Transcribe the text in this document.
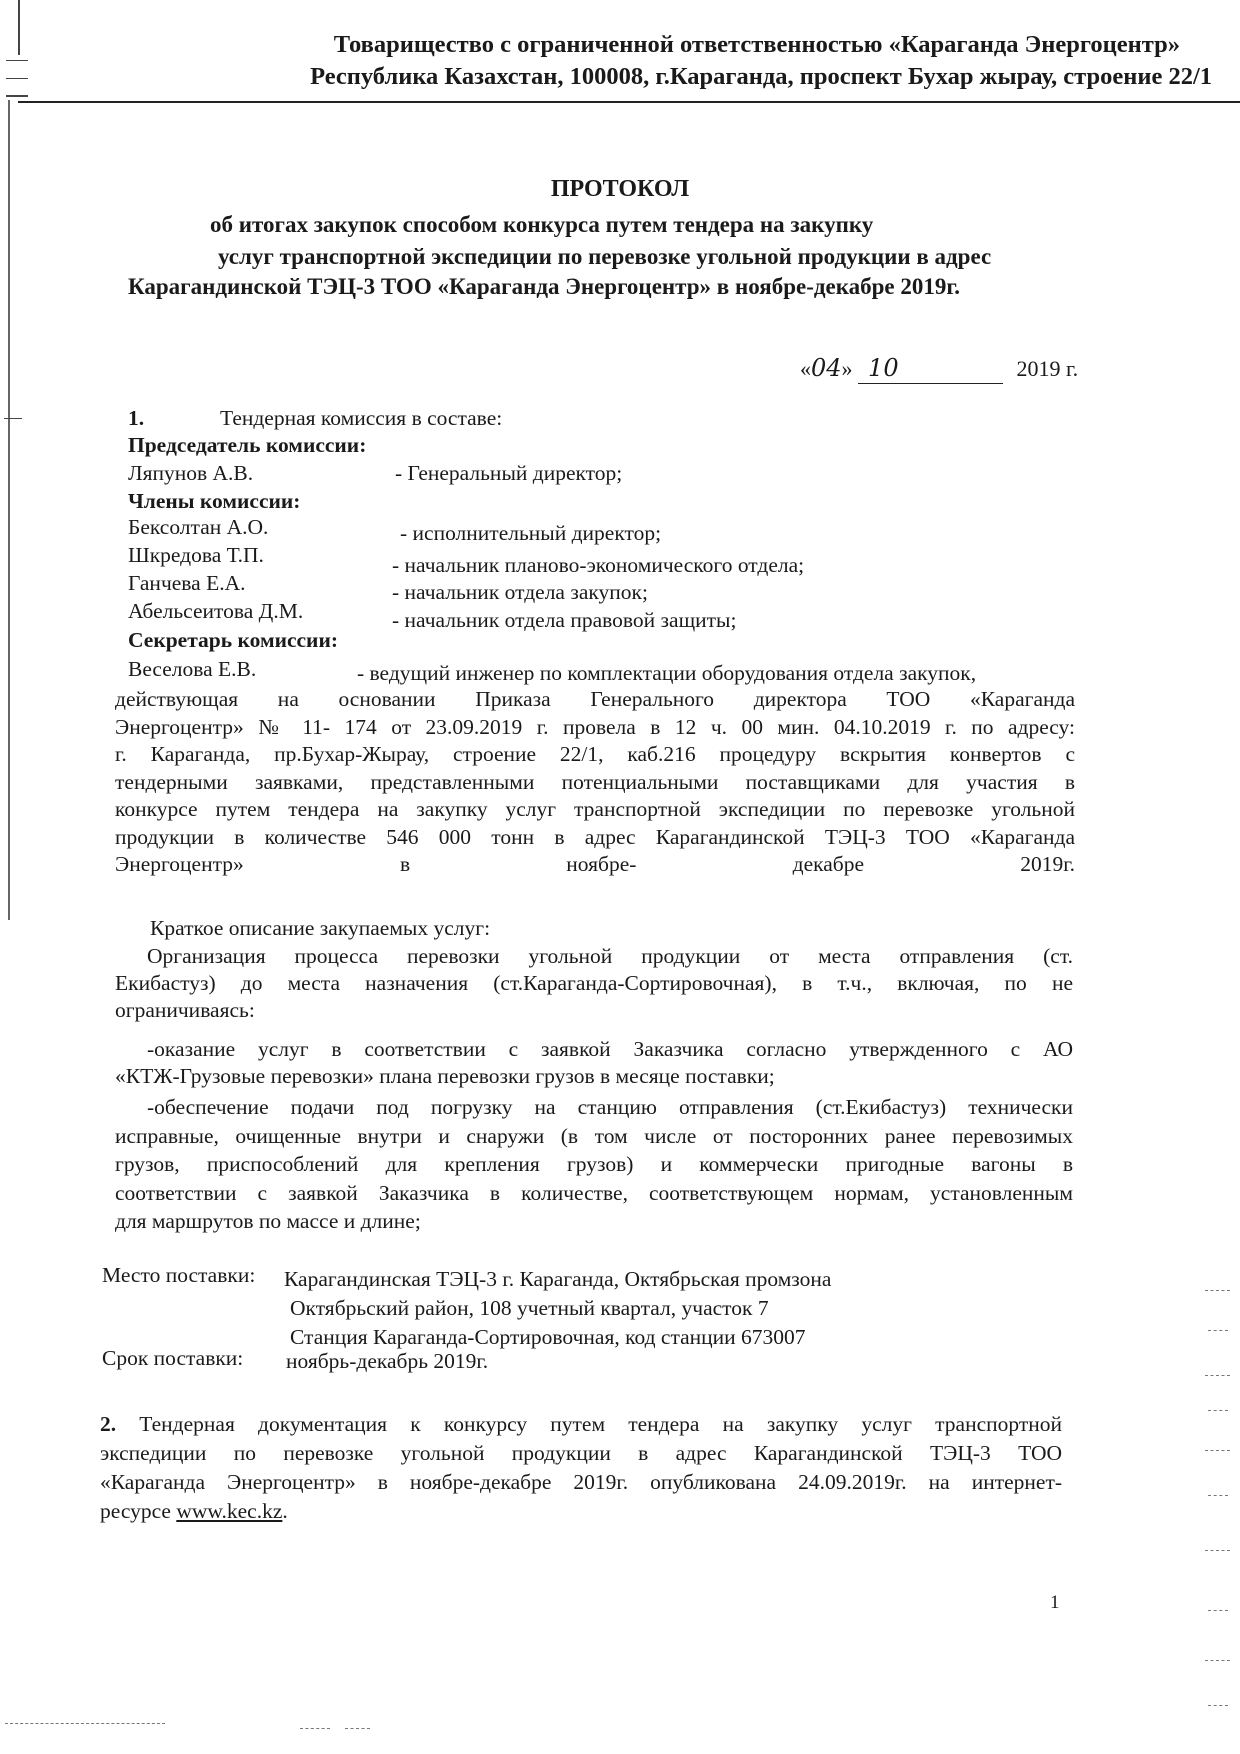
Товарищество с ограниченной ответственностью «Караганда Энергоцентр»
Республика Казахстан, 100008, г.Караганда, проспект Бухар жырау, строение 22/1
ПРОТОКОЛ
об итогах закупок способом конкурса путем тендера на закупку
услуг транспортной экспедиции по перевозке угольной продукции в адрес
Карагандинской ТЭЦ-3 ТОО «Караганда Энергоцентр» в ноябре-декабре 2019г.
«04» 10	2019 г.
1.	Тендерная комиссия в составе:
Председатель комиссии:
Ляпунов А.В.	- Генеральный директор;
Члены комиссии:
Бексолтан А.О.	- исполнительный директор;
Шкредова Т.П.	- начальник планово-экономического отдела;
Ганчева Е.А.	- начальник отдела закупок;
Абельсеитова Д.М.	- начальник отдела правовой защиты;
Секретарь комиссии:
Веселова Е.В.	- ведущий инженер по комплектации оборудования отдела закупок,
действующая на основании Приказа Генерального директора ТОО «Караганда
Энергоцентр» № 11- 174 от 23.09.2019 г. провела в 12 ч. 00 мин. 04.10.2019 г. по адресу:
г. Караганда, пр.Бухар-Жырау, строение 22/1, каб.216 процедуру вскрытия конвертов с
тендерными заявками, представленными потенциальными поставщиками для участия в
конкурсе путем тендера на закупку услуг транспортной экспедиции по перевозке угольной
продукции в количестве 546 000 тонн в адрес Карагандинской ТЭЦ-3 ТОО «Караганда
Энергоцентр» в ноябре- декабре 2019г.
Краткое описание закупаемых услуг:
Организация процесса перевозки угольной продукции от места отправления (ст.
Екибастуз) до места назначения (ст.Караганда-Сортировочная), в т.ч., включая, по не
ограничиваясь:
-оказание услуг в соответствии с заявкой Заказчика согласно утвержденного с АО
«КТЖ-Грузовые перевозки» плана перевозки грузов в месяце поставки;
-обеспечение подачи под погрузку на станцию отправления (ст.Екибастуз) технически
исправные, очищенные внутри и снаружи (в том числе от посторонних ранее перевозимых
грузов, приспособлений для крепления грузов) и коммерчески пригодные вагоны в
соответствии с заявкой Заказчика в количестве, соответствующем нормам, установленным
для маршрутов по массе и длине;
Место поставки: Карагандинская ТЭЦ-3 г. Караганда, Октябрьская промзона
Октябрьский район, 108 учетный квартал, участок 7
Станция Караганда-Сортировочная, код станции 673007
Срок поставки: ноябрь-декабрь 2019г.
2. Тендерная документация к конкурсу путем тендера на закупку услуг транспортной
экспедиции по перевозке угольной продукции в адрес Карагандинской ТЭЦ-3 ТОО
«Караганда Энергоцентр» в ноябре-декабре 2019г. опубликована 24.09.2019г. на интернет-
ресурсе www.kec.kz.
1
